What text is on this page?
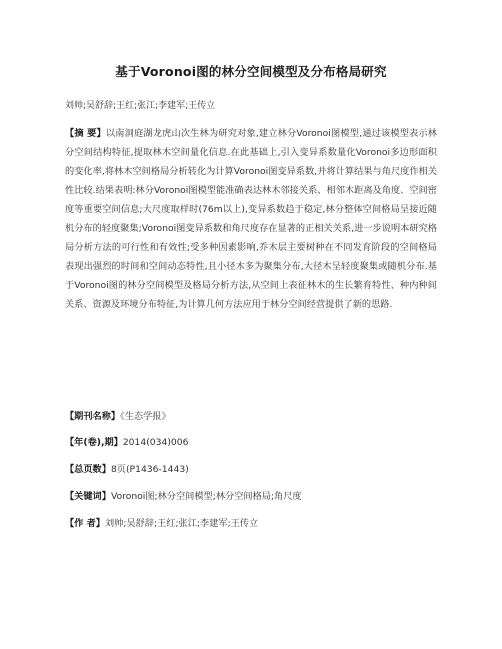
基于Voronoi图的林分空间模型及分布格局研究
刘帅;吴舒辞;王红;张江;李建军;王传立
【摘 要】以南洞庭湖龙虎山次生林为研究对象,建立林分Voronoi图模型,通过该模型表示林分空间结构特征,提取林木空间量化信息.在此基础上,引入变异系数量化Voronoi多边形面积的变化率,将林木空间格局分析转化为计算Voronoi图变异系数,并将计算结果与角尺度作相关性比较.结果表明:林分Voronoi图模型能准确表达林木邻接关系、相邻木距离及角度、空间密度等重要空间信息;大尺度取样时(76m以上),变异系数趋于稳定,林分整体空间格局呈接近随机分布的轻度聚集;Voronoi图变异系数和角尺度存在显著的正相关关系,进一步说明本研究格局分析方法的可行性和有效性;受多种因素影响,乔木层主要树种在不同发育阶段的空间格局表现出强烈的时间和空间动态特性,且小径木多为聚集分布,大径木呈轻度聚集或随机分布.基于Voronoi图的林分空间模型及格局分析方法,从空间上表征林木的生长繁育特性、种内种间关系、资源及环境分布特征,为计算几何方法应用于林分空间经营提供了新的思路.
【期刊名称】《生态学报》
【年(卷),期】2014(034)006
【总页数】8页(P1436-1443)
【关键词】Voronoi图;林分空间模型;林分空间格局;角尺度
【作 者】刘帅;吴舒辞;王红;张江;李建军;王传立
